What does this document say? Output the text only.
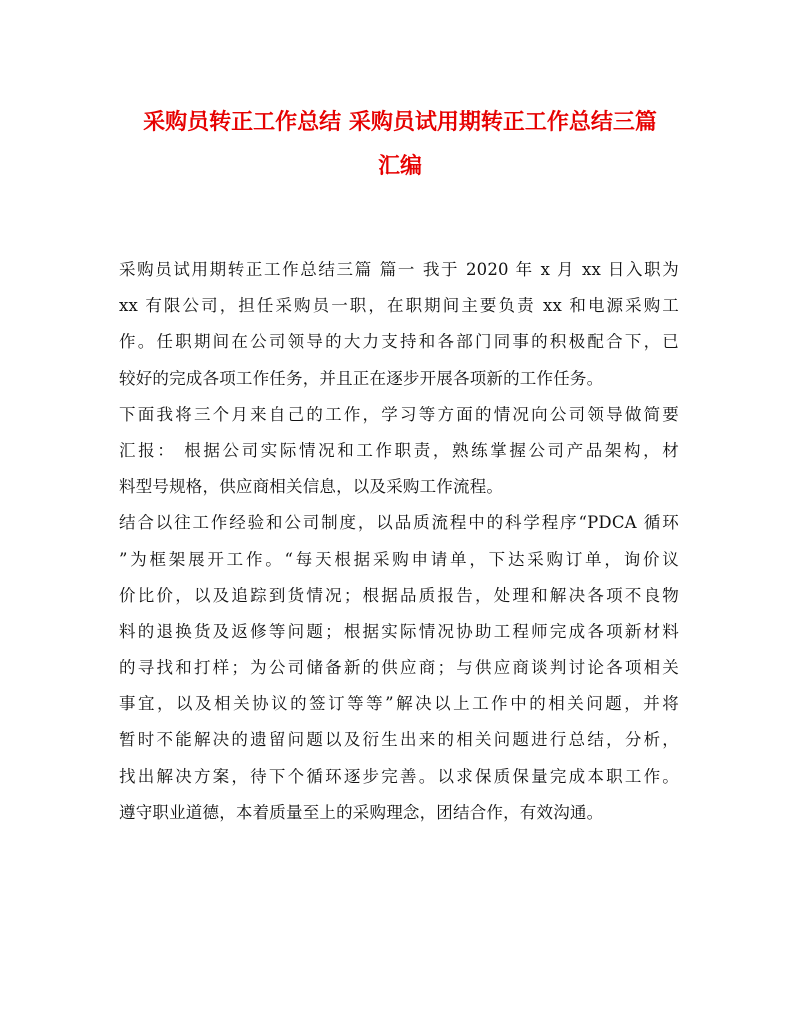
采购员转正工作总结 采购员试用期转正工作总结三篇
汇编
采购员试用期转正工作总结三篇 篇一 我于 2020 年 x 月 xx 日入职为
xx 有限公司，担任采购员一职，在职期间主要负责 xx 和电源采购工
作。任职期间在公司领导的大力支持和各部门同事的积极配合下，已
较好的完成各项工作任务，并且正在逐步开展各项新的工作任务。
下面我将三个月来自己的工作，学习等方面的情况向公司领导做简要
汇报： 根据公司实际情况和工作职责，熟练掌握公司产品架构，材
料型号规格，供应商相关信息，以及采购工作流程。
结合以往工作经验和公司制度，以品质流程中的科学程序“PDCA 循环
”为框架展开工作。“每天根据采购申请单，下达采购订单，询价议
价比价，以及追踪到货情况；根据品质报告，处理和解决各项不良物
料的退换货及返修等问题；根据实际情况协助工程师完成各项新材料
的寻找和打样；为公司储备新的供应商；与供应商谈判讨论各项相关
事宜，以及相关协议的签订等等”解决以上工作中的相关问题，并将
暂时不能解决的遗留问题以及衍生出来的相关问题进行总结，分析，
找出解决方案，待下个循环逐步完善。以求保质保量完成本职工作。
遵守职业道德，本着质量至上的采购理念，团结合作，有效沟通。
